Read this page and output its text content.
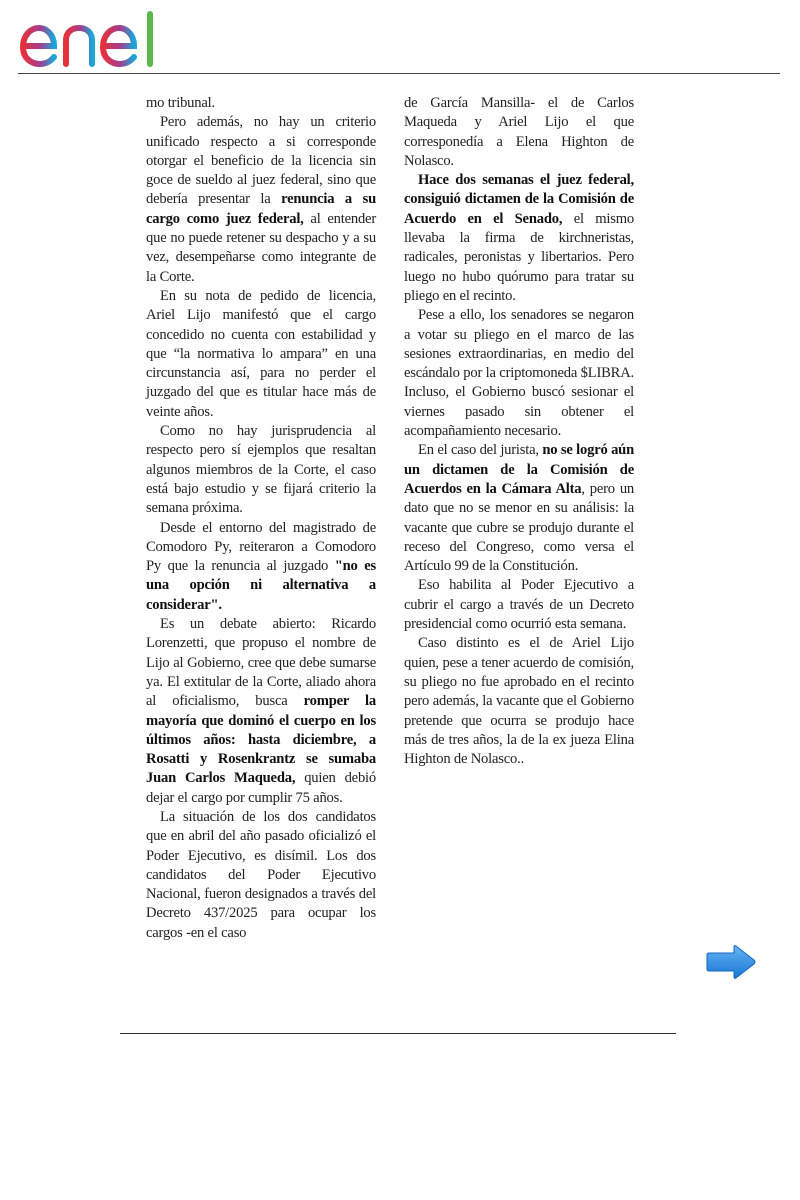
mo tribunal.

Pero además, no hay un criterio unificado respecto a si corresponde otorgar el beneficio de la licencia sin goce de sueldo al juez federal, sino que debería presentar la renuncia a su cargo como juez federal, al entender que no puede retener su despacho y a su vez, desempeñarse como integrante de la Corte.

En su nota de pedido de licencia, Ariel Lijo manifestó que el cargo concedido no cuenta con estabilidad y que “la normativa lo ampara” en una circunstancia así, para no perder el juzgado del que es titular hace más de veinte años.

Como no hay jurisprudencia al respecto pero sí ejemplos que resaltan algunos miembros de la Corte, el caso está bajo estudio y se fijará criterio la semana próxima.

Desde el entorno del magistrado de Comodoro Py, reiteraron a Comodoro Py que la renuncia al juzgado "no es una opción ni alternativa a considerar".

Es un debate abierto: Ricardo Lorenzetti, que propuso el nombre de Lijo al Gobierno, cree que debe sumarse ya. El extitular de la Corte, aliado ahora al oficialismo, busca romper la mayoría que dominó el cuerpo en los últimos años: hasta diciembre, a Rosatti y Rosenkrantz se sumaba Juan Carlos Maqueda, quien debió dejar el cargo por cumplir 75 años.

La situación de los dos candidatos que en abril del año pasado oficializó el Poder Ejecutivo, es disímil. Los dos candidatos del Poder Ejecutivo Nacional, fueron designados a través del Decreto 437/2025 para ocupar los cargos -en el caso

de García Mansilla- el de Carlos Maqueda y Ariel Lijo el que corresponedía a Elena Highton de Nolasco.

Hace dos semanas el juez federal, consiguió dictamen de la Comisión de Acuerdo en el Senado, el mismo llevaba la firma de kirchneristas, radicales, peronistas y libertarios. Pero luego no hubo quórumo para tratar su pliego en el recinto.

Pese a ello, los senadores se negaron a votar su pliego en el marco de las sesiones extraordinarias, en medio del escándalo por la criptomoneda $LIBRA. Incluso, el Gobierno buscó sesionar el viernes pasado sin obtener el acompañamiento necesario.

En el caso del jurista, no se logró aún un dictamen de la Comisión de Acuerdos en la Cámara Alta, pero un dato que no se menor en su análisis: la vacante que cubre se produjo durante el receso del Congreso, como versa el Artículo 99 de la Constitución.

Eso habilita al Poder Ejecutivo a cubrir el cargo a través de un Decreto presidencial como ocurrió esta semana.

Caso distinto es el de Ariel Lijo quien, pese a tener acuerdo de comisión, su pliego no fue aprobado en el recinto pero además, la vacante que el Gobierno pretende que ocurra se produjo hace más de tres años, la de la ex jueza Elina Highton de Nolasco..
